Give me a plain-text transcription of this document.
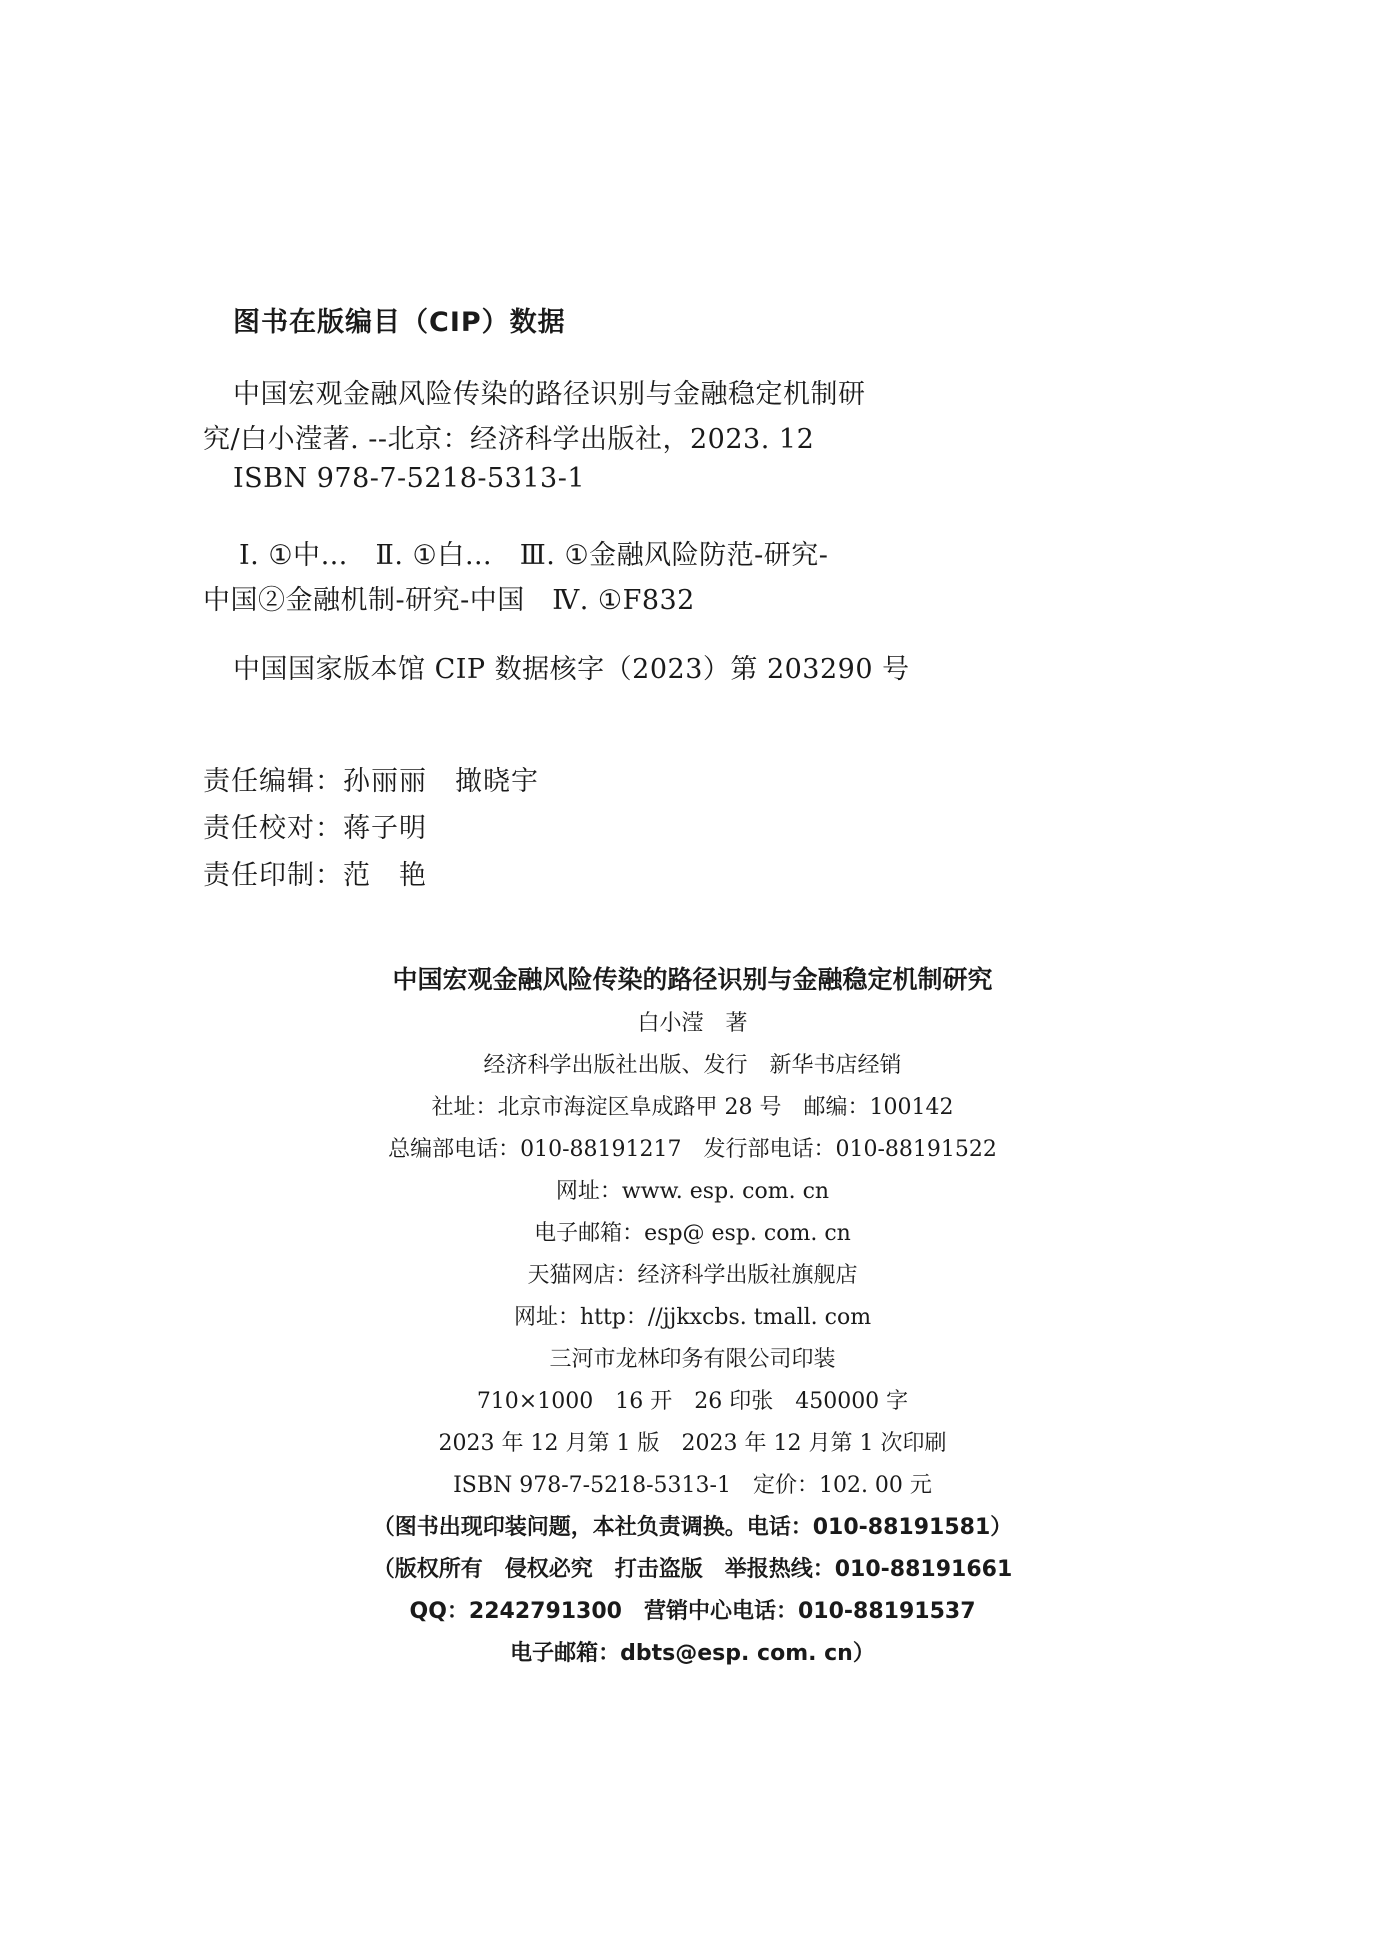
图书在版编目（CIP）数据
中国宏观金融风险传染的路径识别与金融稳定机制研
究/白小滢著. --北京：经济科学出版社，2023. 12
ISBN 978-7-5218-5313-1
Ⅰ. ①中…　Ⅱ. ①白…　Ⅲ. ①金融风险防范-研究-
中国②金融机制-研究-中国　Ⅳ. ①F832
中国国家版本馆 CIP 数据核字（2023）第 203290 号
责任编辑：孙丽丽　撖晓宇
责任校对：蒋子明
责任印制：范　艳
中国宏观金融风险传染的路径识别与金融稳定机制研究
白小滢　著
经济科学出版社出版、发行　新华书店经销
社址：北京市海淀区阜成路甲 28 号　邮编：100142
总编部电话：010-88191217　发行部电话：010-88191522
网址：www. esp. com. cn
电子邮箱：esp@ esp. com. cn
天猫网店：经济科学出版社旗舰店
网址：http：//jjkxcbs. tmall. com
三河市龙林印务有限公司印装
710×1000　16 开　26 印张　450000 字
2023 年 12 月第 1 版　2023 年 12 月第 1 次印刷
ISBN 978-7-5218-5313-1　定价：102. 00 元
（图书出现印装问题，本社负责调换。电话：010-88191581）
（版权所有　侵权必究　打击盗版　举报热线：010-88191661
QQ：2242791300　营销中心电话：010-88191537
电子邮箱：dbts@esp. com. cn）
